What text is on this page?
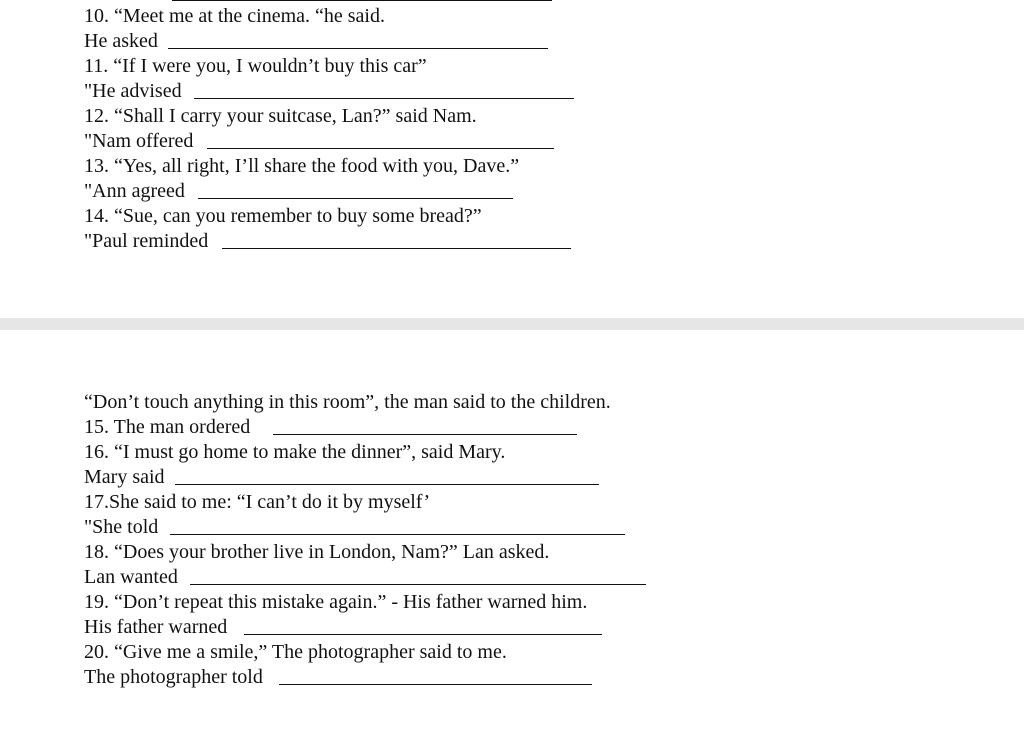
10. “Meet me at the cinema. “he said.
He asked
11. “If I were you, I wouldn’t buy this car”
"He advised
12. “Shall I carry your suitcase, Lan?” said Nam.
"Nam offered
13. “Yes, all right, I’ll share the food with you, Dave.”
"Ann agreed
14. “Sue, can you remember to buy some bread?”
"Paul reminded
“Don’t touch anything in this room”, the man said to the children.
15. The man ordered
16. “I must go home to make the dinner”, said Mary.
Mary said
17.She said to me: “I can’t do it by myself’
"She told
18. “Does your brother live in London, Nam?” Lan asked.
Lan wanted
19. “Don’t repeat this mistake again.” - His father warned him.
His father warned
20. “Give me a smile,” The photographer said to me.
The photographer told
